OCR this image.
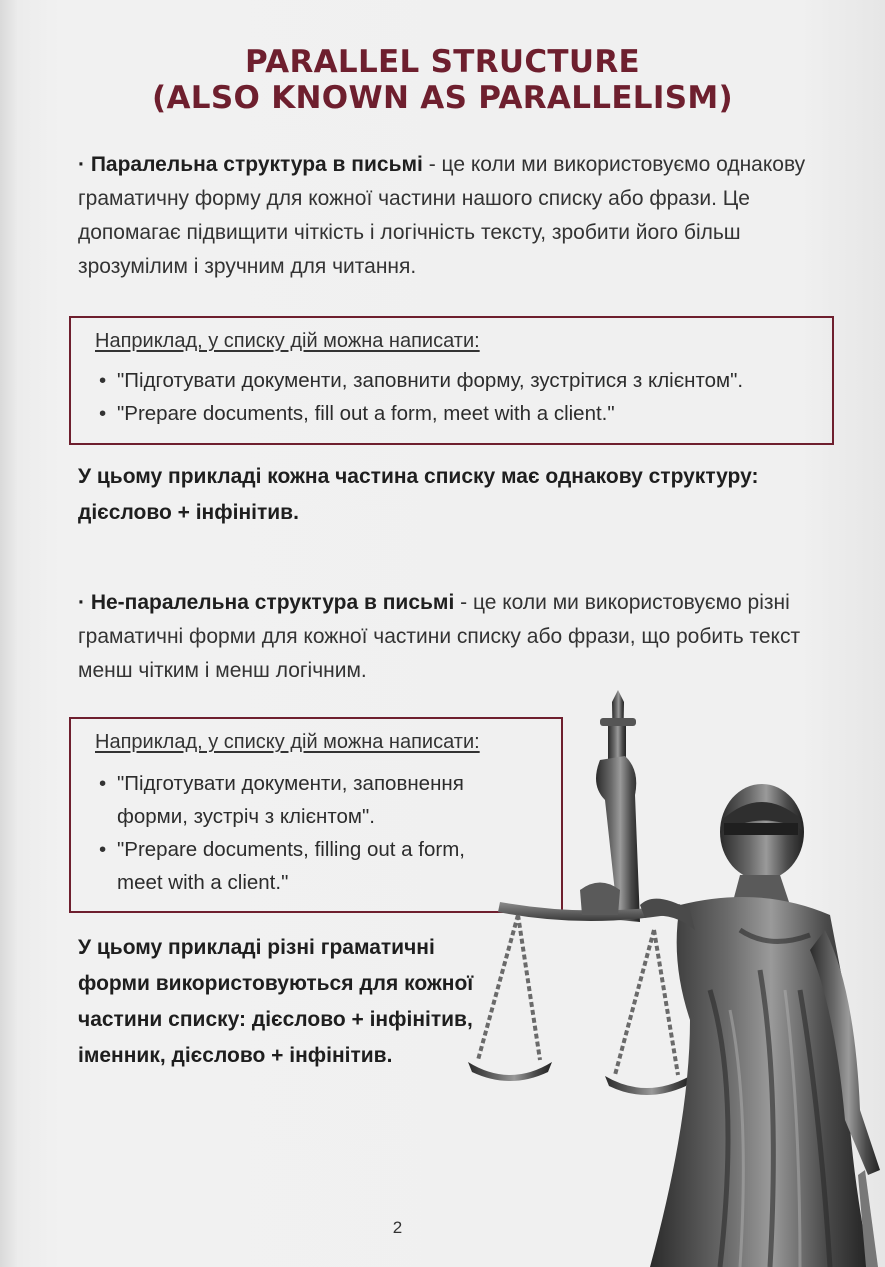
PARALLEL STRUCTURE
(ALSO KNOWN AS PARALLELISM)

· Паралельна структура в письмі - це коли ми використовуємо однакову граматичну форму для кожної частини нашого списку або фрази. Це допомагає підвищити чіткість і логічність тексту, зробити його більш зрозумілим і зручним для читання.

Наприклад, у списку дій можна написати:
• "Підготувати документи, заповнити форму, зустрітися з клієнтом".
• "Prepare documents, fill out a form, meet with a client."

У цьому прикладі кожна частина списку має однакову структуру: дієслово + інфінітив.

· Не-паралельна структура в письмі - це коли ми використовуємо різні граматичні форми для кожної частини списку або фрази, що робить текст менш чітким і менш логічним.

Наприклад, у списку дій можна написати:
• "Підготувати документи, заповнення форми, зустріч з клієнтом".
• "Prepare documents, filling out a form, meet with a client."

У цьому прикладі різні граматичні форми використовуються для кожної частини списку: дієслово + інфінітив, іменник, дієслово + інфінітив.

2
